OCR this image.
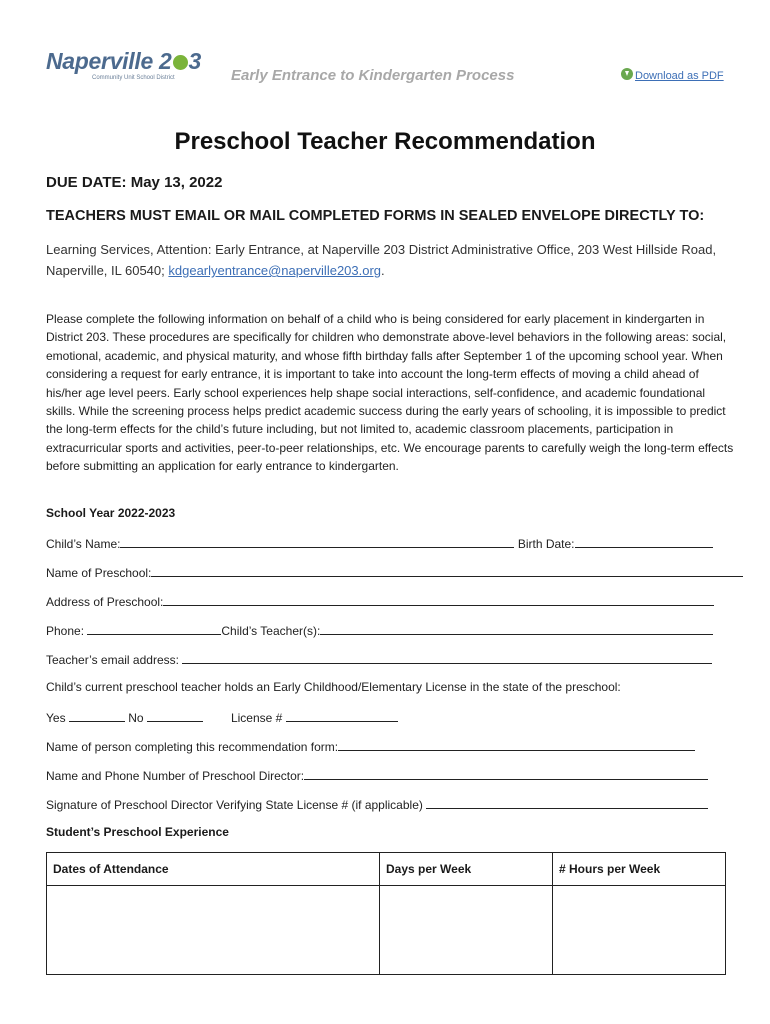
Naperville 2 3
Community Unit School District	Early Entrance to Kindergarten Process	Download as PDF
Preschool Teacher Recommendation
DUE DATE: May 13, 2022
TEACHERS MUST EMAIL OR MAIL COMPLETED FORMS IN SEALED ENVELOPE DIRECTLY TO:
Learning Services, Attention: Early Entrance, at Naperville 203 District Administrative Office, 203 West Hillside Road, Naperville, IL 60540; kdgearlyentrance@naperville203.org.
Please complete the following information on behalf of a child who is being considered for early placement in kindergarten in District 203. These procedures are specifically for children who demonstrate above-level behaviors in the following areas: social, emotional, academic, and physical maturity, and whose fifth birthday falls after September 1 of the upcoming school year. When considering a request for early entrance, it is important to take into account the long-term effects of moving a child ahead of his/her age level peers. Early school experiences help shape social interactions, self-confidence, and academic foundational skills. While the screening process helps predict academic success during the early years of schooling, it is impossible to predict the long-term effects for the child’s future including, but not limited to, academic classroom placements, participation in extracurricular sports and activities, peer-to-peer relationships, etc. We encourage parents to carefully weigh the long-term effects before submitting an application for early entrance to kindergarten.
School Year 2022-2023
Child’s Name:	Birth Date:
Name of Preschool:
Address of Preschool:
Phone:	Child’s Teacher(s):
Teacher’s email address:
Child’s current preschool teacher holds an Early Childhood/Elementary License in the state of the preschool:
Yes	No	License #
Name of person completing this recommendation form:
Name and Phone Number of Preschool Director:
Signature of Preschool Director Verifying State License # (if applicable)
Student’s Preschool Experience
Dates of Attendance	Days per Week	# Hours per Week
